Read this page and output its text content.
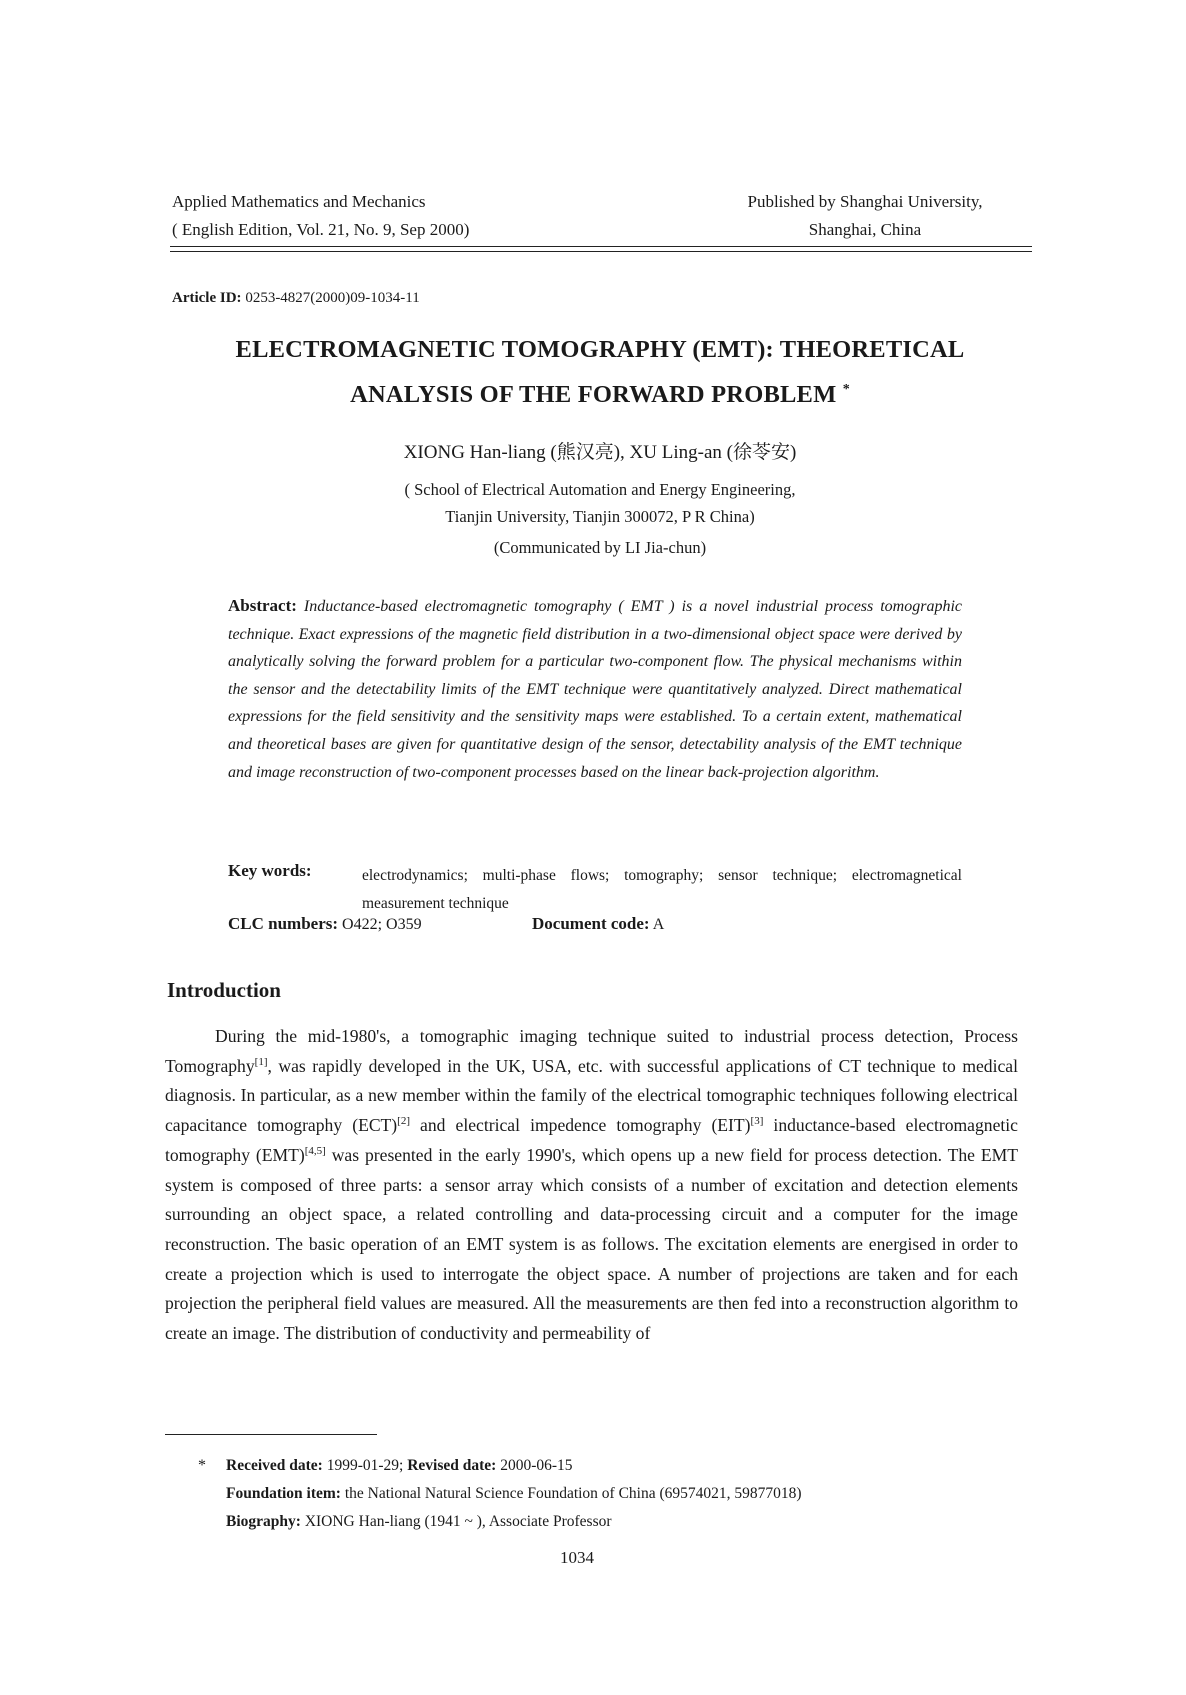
Applied Mathematics and Mechanics
( English Edition, Vol. 21, No. 9, Sep 2000)
Published by Shanghai University,
Shanghai, China
Article ID: 0253-4827(2000)09-1034-11
ELECTROMAGNETIC TOMOGRAPHY (EMT): THEORETICAL
ANALYSIS OF THE FORWARD PROBLEM *
XIONG Han-liang (熊汉亮), XU Ling-an (徐苓安)
( School of Electrical Automation and Energy Engineering,
Tianjin University, Tianjin 300072, P R China)
(Communicated by LI Jia-chun)
Abstract: Inductance-based electromagnetic tomography ( EMT ) is a novel industrial process tomographic technique. Exact expressions of the magnetic field distribution in a two-dimensional object space were derived by analytically solving the forward problem for a particular two-component flow. The physical mechanisms within the sensor and the detectability limits of the EMT technique were quantitatively analyzed. Direct mathematical expressions for the field sensitivity and the sensitivity maps were established. To a certain extent, mathematical and theoretical bases are given for quantitative design of the sensor, detectability analysis of the EMT technique and image reconstruction of two-component processes based on the linear back-projection algorithm.
Key words:	electrodynamics; multi-phase flows; tomography; sensor technique; electromagnetical measurement technique
CLC numbers: O422; O359	Document code: A
Introduction
During the mid-1980's, a tomographic imaging technique suited to industrial process detection, Process Tomography[1], was rapidly developed in the UK, USA, etc. with successful applications of CT technique to medical diagnosis. In particular, as a new member within the family of the electrical tomographic techniques following electrical capacitance tomography (ECT)[2] and electrical impedence tomography (EIT)[3] inductance-based electromagnetic tomography (EMT)[4,5] was presented in the early 1990's, which opens up a new field for process detection. The EMT system is composed of three parts: a sensor array which consists of a number of excitation and detection elements surrounding an object space, a related controlling and data-processing circuit and a computer for the image reconstruction. The basic operation of an EMT system is as follows. The excitation elements are energised in order to create a projection which is used to interrogate the object space. A number of projections are taken and for each projection the peripheral field values are measured. All the measurements are then fed into a reconstruction algorithm to create an image. The distribution of conductivity and permeability of
* Received date: 1999-01-29; Revised date: 2000-06-15
Foundation item: the National Natural Science Foundation of China (69574021, 59877018)
Biography: XIONG Han-liang (1941 ~ ), Associate Professor
1034
